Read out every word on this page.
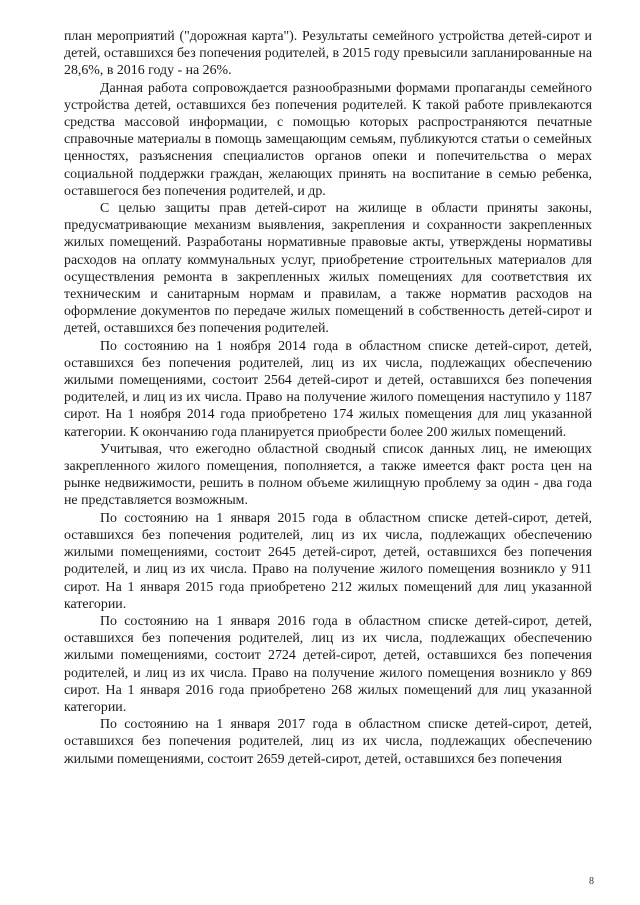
план мероприятий ("дорожная карта"). Результаты семейного устройства детей-сирот и детей, оставшихся без попечения родителей, в 2015 году превысили запланированные на 28,6%, в 2016 году - на 26%.

Данная работа сопровождается разнообразными формами пропаганды семейного устройства детей, оставшихся без попечения родителей. К такой работе привлекаются средства массовой информации, с помощью которых распространяются печатные справочные материалы в помощь замещающим семьям, публикуются статьи о семейных ценностях, разъяснения специалистов органов опеки и попечительства о мерах социальной поддержки граждан, желающих принять на воспитание в семью ребенка, оставшегося без попечения родителей, и др.

С целью защиты прав детей-сирот на жилище в области приняты законы, предусматривающие механизм выявления, закрепления и сохранности закрепленных жилых помещений. Разработаны нормативные правовые акты, утверждены нормативы расходов на оплату коммунальных услуг, приобретение строительных материалов для осуществления ремонта в закрепленных жилых помещениях для соответствия их техническим и санитарным нормам и правилам, а также норматив расходов на оформление документов по передаче жилых помещений в собственность детей-сирот и детей, оставшихся без попечения родителей.

По состоянию на 1 ноября 2014 года в областном списке детей-сирот, детей, оставшихся без попечения родителей, лиц из их числа, подлежащих обеспечению жилыми помещениями, состоит 2564 детей-сирот и детей, оставшихся без попечения родителей, и лиц из их числа. Право на получение жилого помещения наступило у 1187 сирот. На 1 ноября 2014 года приобретено 174 жилых помещения для лиц указанной категории. К окончанию года планируется приобрести более 200 жилых помещений.

Учитывая, что ежегодно областной сводный список данных лиц, не имеющих закрепленного жилого помещения, пополняется, а также имеется факт роста цен на рынке недвижимости, решить в полном объеме жилищную проблему за один - два года не представляется возможным.

По состоянию на 1 января 2015 года в областном списке детей-сирот, детей, оставшихся без попечения родителей, лиц из их числа, подлежащих обеспечению жилыми помещениями, состоит 2645 детей-сирот, детей, оставшихся без попечения родителей, и лиц из их числа. Право на получение жилого помещения возникло у 911 сирот. На 1 января 2015 года приобретено 212 жилых помещений для лиц указанной категории.

По состоянию на 1 января 2016 года в областном списке детей-сирот, детей, оставшихся без попечения родителей, лиц из их числа, подлежащих обеспечению жилыми помещениями, состоит 2724 детей-сирот, детей, оставшихся без попечения родителей, и лиц из их числа. Право на получение жилого помещения возникло у 869 сирот. На 1 января 2016 года приобретено 268 жилых помещений для лиц указанной категории.

По состоянию на 1 января 2017 года в областном списке детей-сирот, детей, оставшихся без попечения родителей, лиц из их числа, подлежащих обеспечению жилыми помещениями, состоит 2659 детей-сирот, детей, оставшихся без попечения

8
